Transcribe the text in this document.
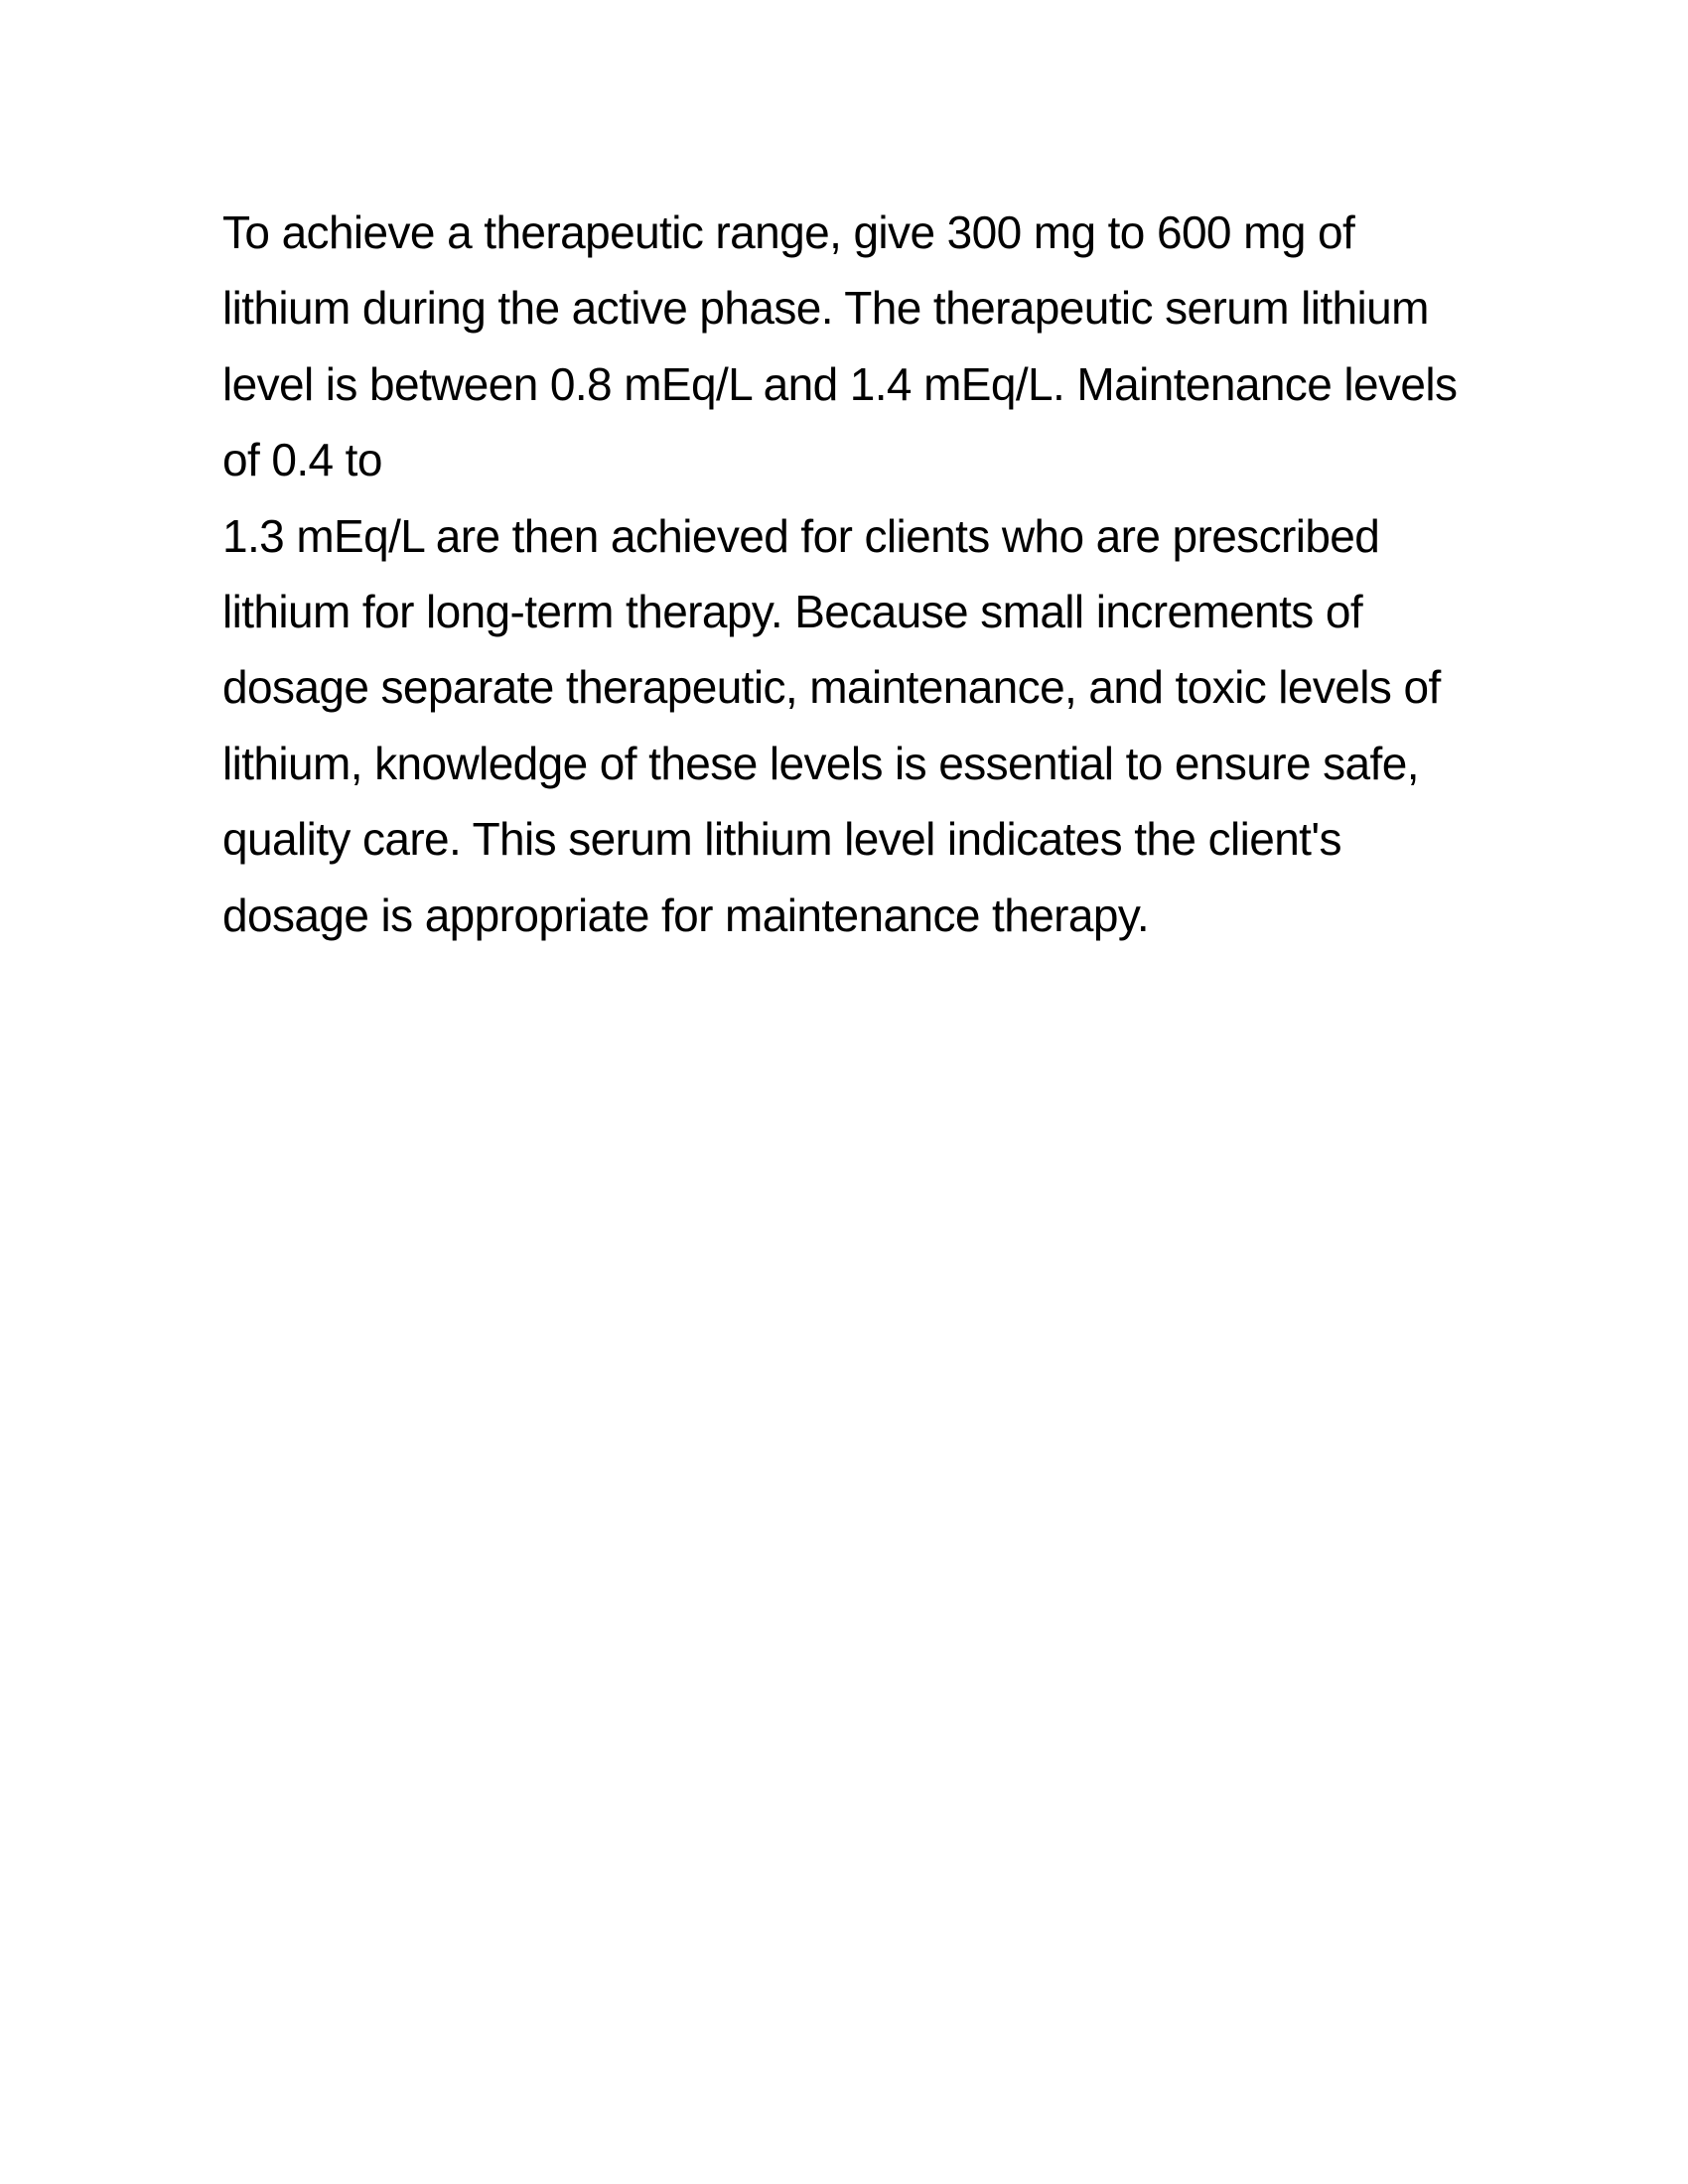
To achieve a therapeutic range, give 300 mg to 600 mg of
lithium during the active phase. The therapeutic serum lithium
level is between 0.8 mEq/L and 1.4 mEq/L. Maintenance levels
of 0.4 to
1.3 mEq/L are then achieved for clients who are prescribed
lithium for long-term therapy. Because small increments of
dosage separate therapeutic, maintenance, and toxic levels of
lithium, knowledge of these levels is essential to ensure safe,
quality care. This serum lithium level indicates the client's
dosage is appropriate for maintenance therapy.
